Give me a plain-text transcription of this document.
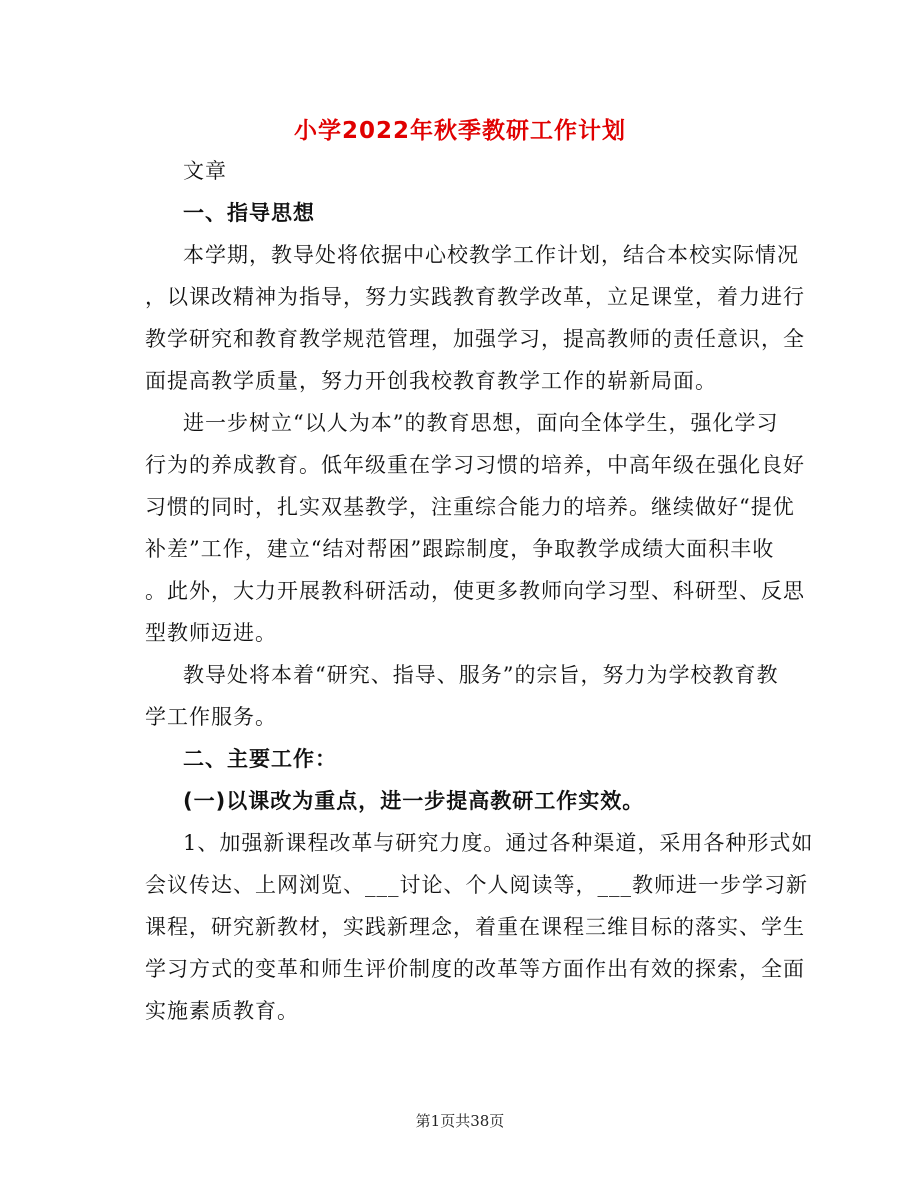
小学2022年秋季教研工作计划
文章
一、指导思想
本学期，教导处将依据中心校教学工作计划，结合本校实际情况
，以课改精神为指导，努力实践教育教学改革，立足课堂，着力进行
教学研究和教育教学规范管理，加强学习，提高教师的责任意识，全
面提高教学质量，努力开创我校教育教学工作的崭新局面。
进一步树立“以人为本”的教育思想，面向全体学生，强化学习
行为的养成教育。低年级重在学习习惯的培养，中高年级在强化良好
习惯的同时，扎实双基教学，注重综合能力的培养。继续做好“提优
补差”工作，建立“结对帮困”跟踪制度，争取教学成绩大面积丰收
。此外，大力开展教科研活动，使更多教师向学习型、科研型、反思
型教师迈进。
教导处将本着“研究、指导、服务”的宗旨，努力为学校教育教
学工作服务。
二、主要工作：
(一)以课改为重点，进一步提高教研工作实效。
1、加强新课程改革与研究力度。通过各种渠道，采用各种形式如
会议传达、上网浏览、___讨论、个人阅读等，___教师进一步学习新
课程，研究新教材，实践新理念，着重在课程三维目标的落实、学生
学习方式的变革和师生评价制度的改革等方面作出有效的探索，全面
实施素质教育。
第1页共38页
